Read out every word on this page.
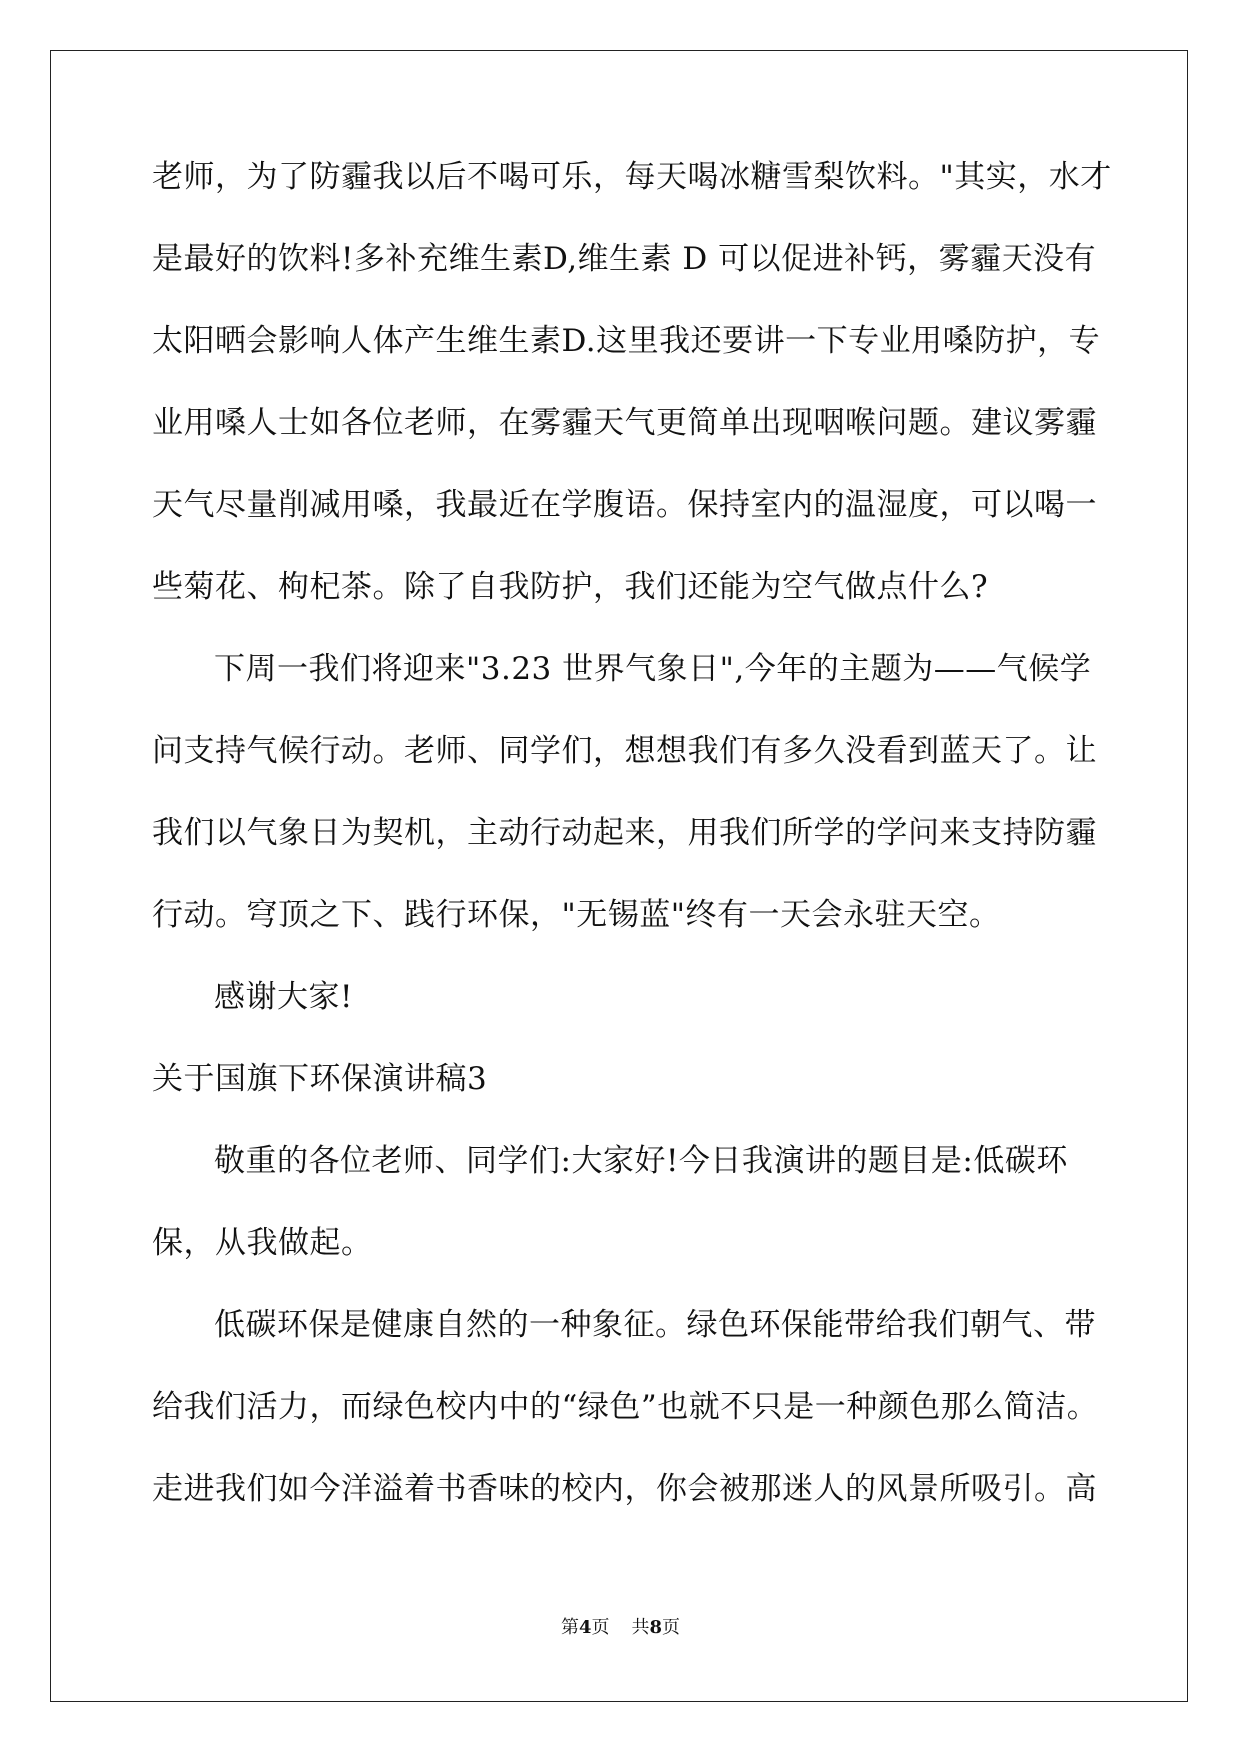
老师，为了防霾我以后不喝可乐，每天喝冰糖雪梨饮料。"其实，水才
是最好的饮料!多补充维生素D,维生素 D 可以促进补钙，雾霾天没有
太阳晒会影响人体产生维生素D.这里我还要讲一下专业用嗓防护，专
业用嗓人士如各位老师，在雾霾天气更简单出现咽喉问题。建议雾霾
天气尽量削减用嗓，我最近在学腹语。保持室内的温湿度，可以喝一
些菊花、枸杞茶。除了自我防护，我们还能为空气做点什么?
下周一我们将迎来"3.23 世界气象日",今年的主题为——气候学
问支持气候行动。老师、同学们，想想我们有多久没看到蓝天了。让
我们以气象日为契机，主动行动起来，用我们所学的学问来支持防霾
行动。穹顶之下、践行环保，"无锡蓝"终有一天会永驻天空。
感谢大家!
关于国旗下环保演讲稿3
敬重的各位老师、同学们:大家好!今日我演讲的题目是:低碳环
保，从我做起。
低碳环保是健康自然的一种象征。绿色环保能带给我们朝气、带
给我们活力，而绿色校内中的“绿色”也就不只是一种颜色那么简洁。
走进我们如今洋溢着书香味的校内，你会被那迷人的风景所吸引。高
第4页 共8页
